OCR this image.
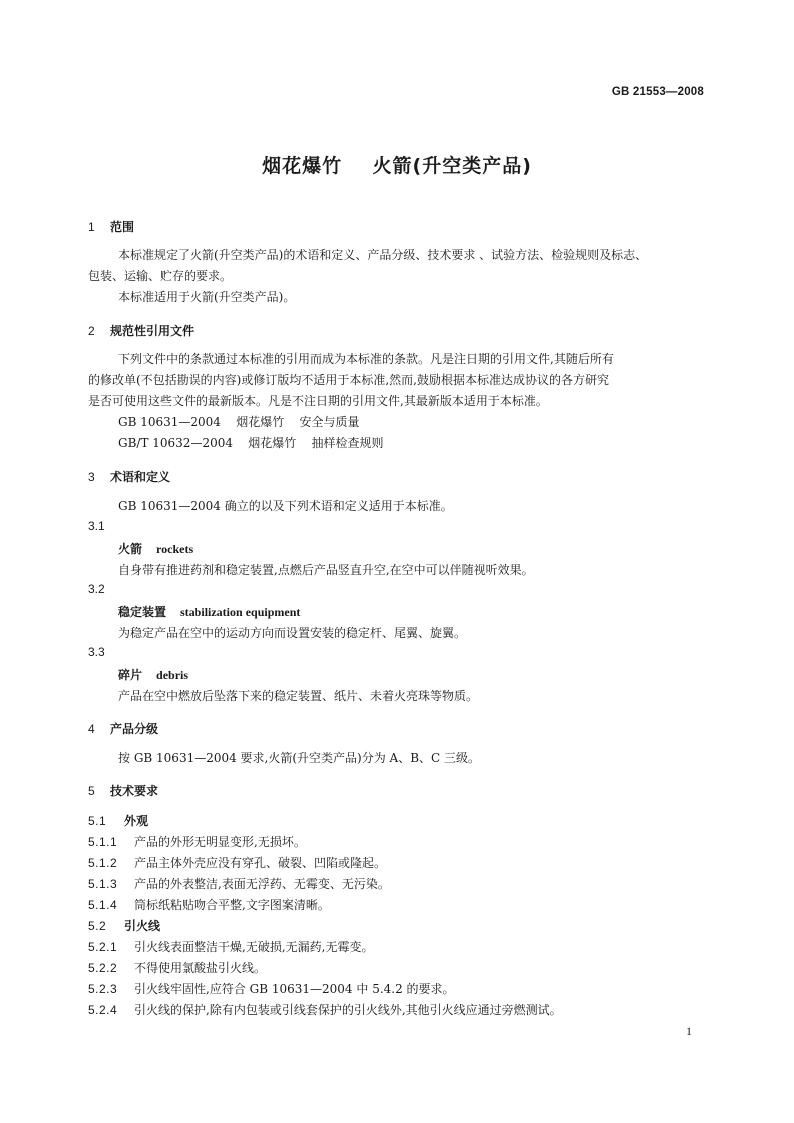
GB 21553—2008
烟花爆竹    火箭(升空类产品)
1 范围
本标准规定了火箭(升空类产品)的术语和定义、产品分级、技术要求 、试验方法、检验规则及标志、
包装、运输、贮存的要求。
本标准适用于火箭(升空类产品)。
2 规范性引用文件
下列文件中的条款通过本标准的引用而成为本标准的条款。凡是注日期的引用文件,其随后所有
的修改单(不包括勘误的内容)或修订版均不适用于本标准,然而,鼓励根据本标准达成协议的各方研究
是否可使用这些文件的最新版本。凡是不注日期的引用文件,其最新版本适用于本标准。
GB 10631—2004    烟花爆竹    安全与质量
GB/T 10632—2004    烟花爆竹    抽样检查规则
3 术语和定义
GB 10631—2004 确立的以及下列术语和定义适用于本标准。
3.1
火箭 rockets
自身带有推进药剂和稳定装置,点燃后产品竖直升空,在空中可以伴随视听效果。
3.2
稳定装置 stabilization equipment
为稳定产品在空中的运动方向而设置安装的稳定杆、尾翼、旋翼。
3.3
碎片 debris
产品在空中燃放后坠落下来的稳定装置、纸片、未着火亮珠等物质。
4 产品分级
按 GB 10631—2004 要求,火箭(升空类产品)分为 A、B、C 三级。
5 技术要求
5.1 外观
5.1.1 产品的外形无明显变形,无损坏。
5.1.2 产品主体外壳应没有穿孔、破裂、凹陷或隆起。
5.1.3 产品的外表整洁,表面无浮药、无霉变、无污染。
5.1.4 筒标纸粘贴吻合平整,文字图案清晰。
5.2 引火线
5.2.1 引火线表面整洁干燥,无破损,无漏药,无霉变。
5.2.2 不得使用氯酸盐引火线。
5.2.3 引火线牢固性,应符合 GB 10631—2004 中 5.4.2 的要求。
5.2.4 引火线的保护,除有内包装或引线套保护的引火线外,其他引火线应通过旁燃测试。
1
